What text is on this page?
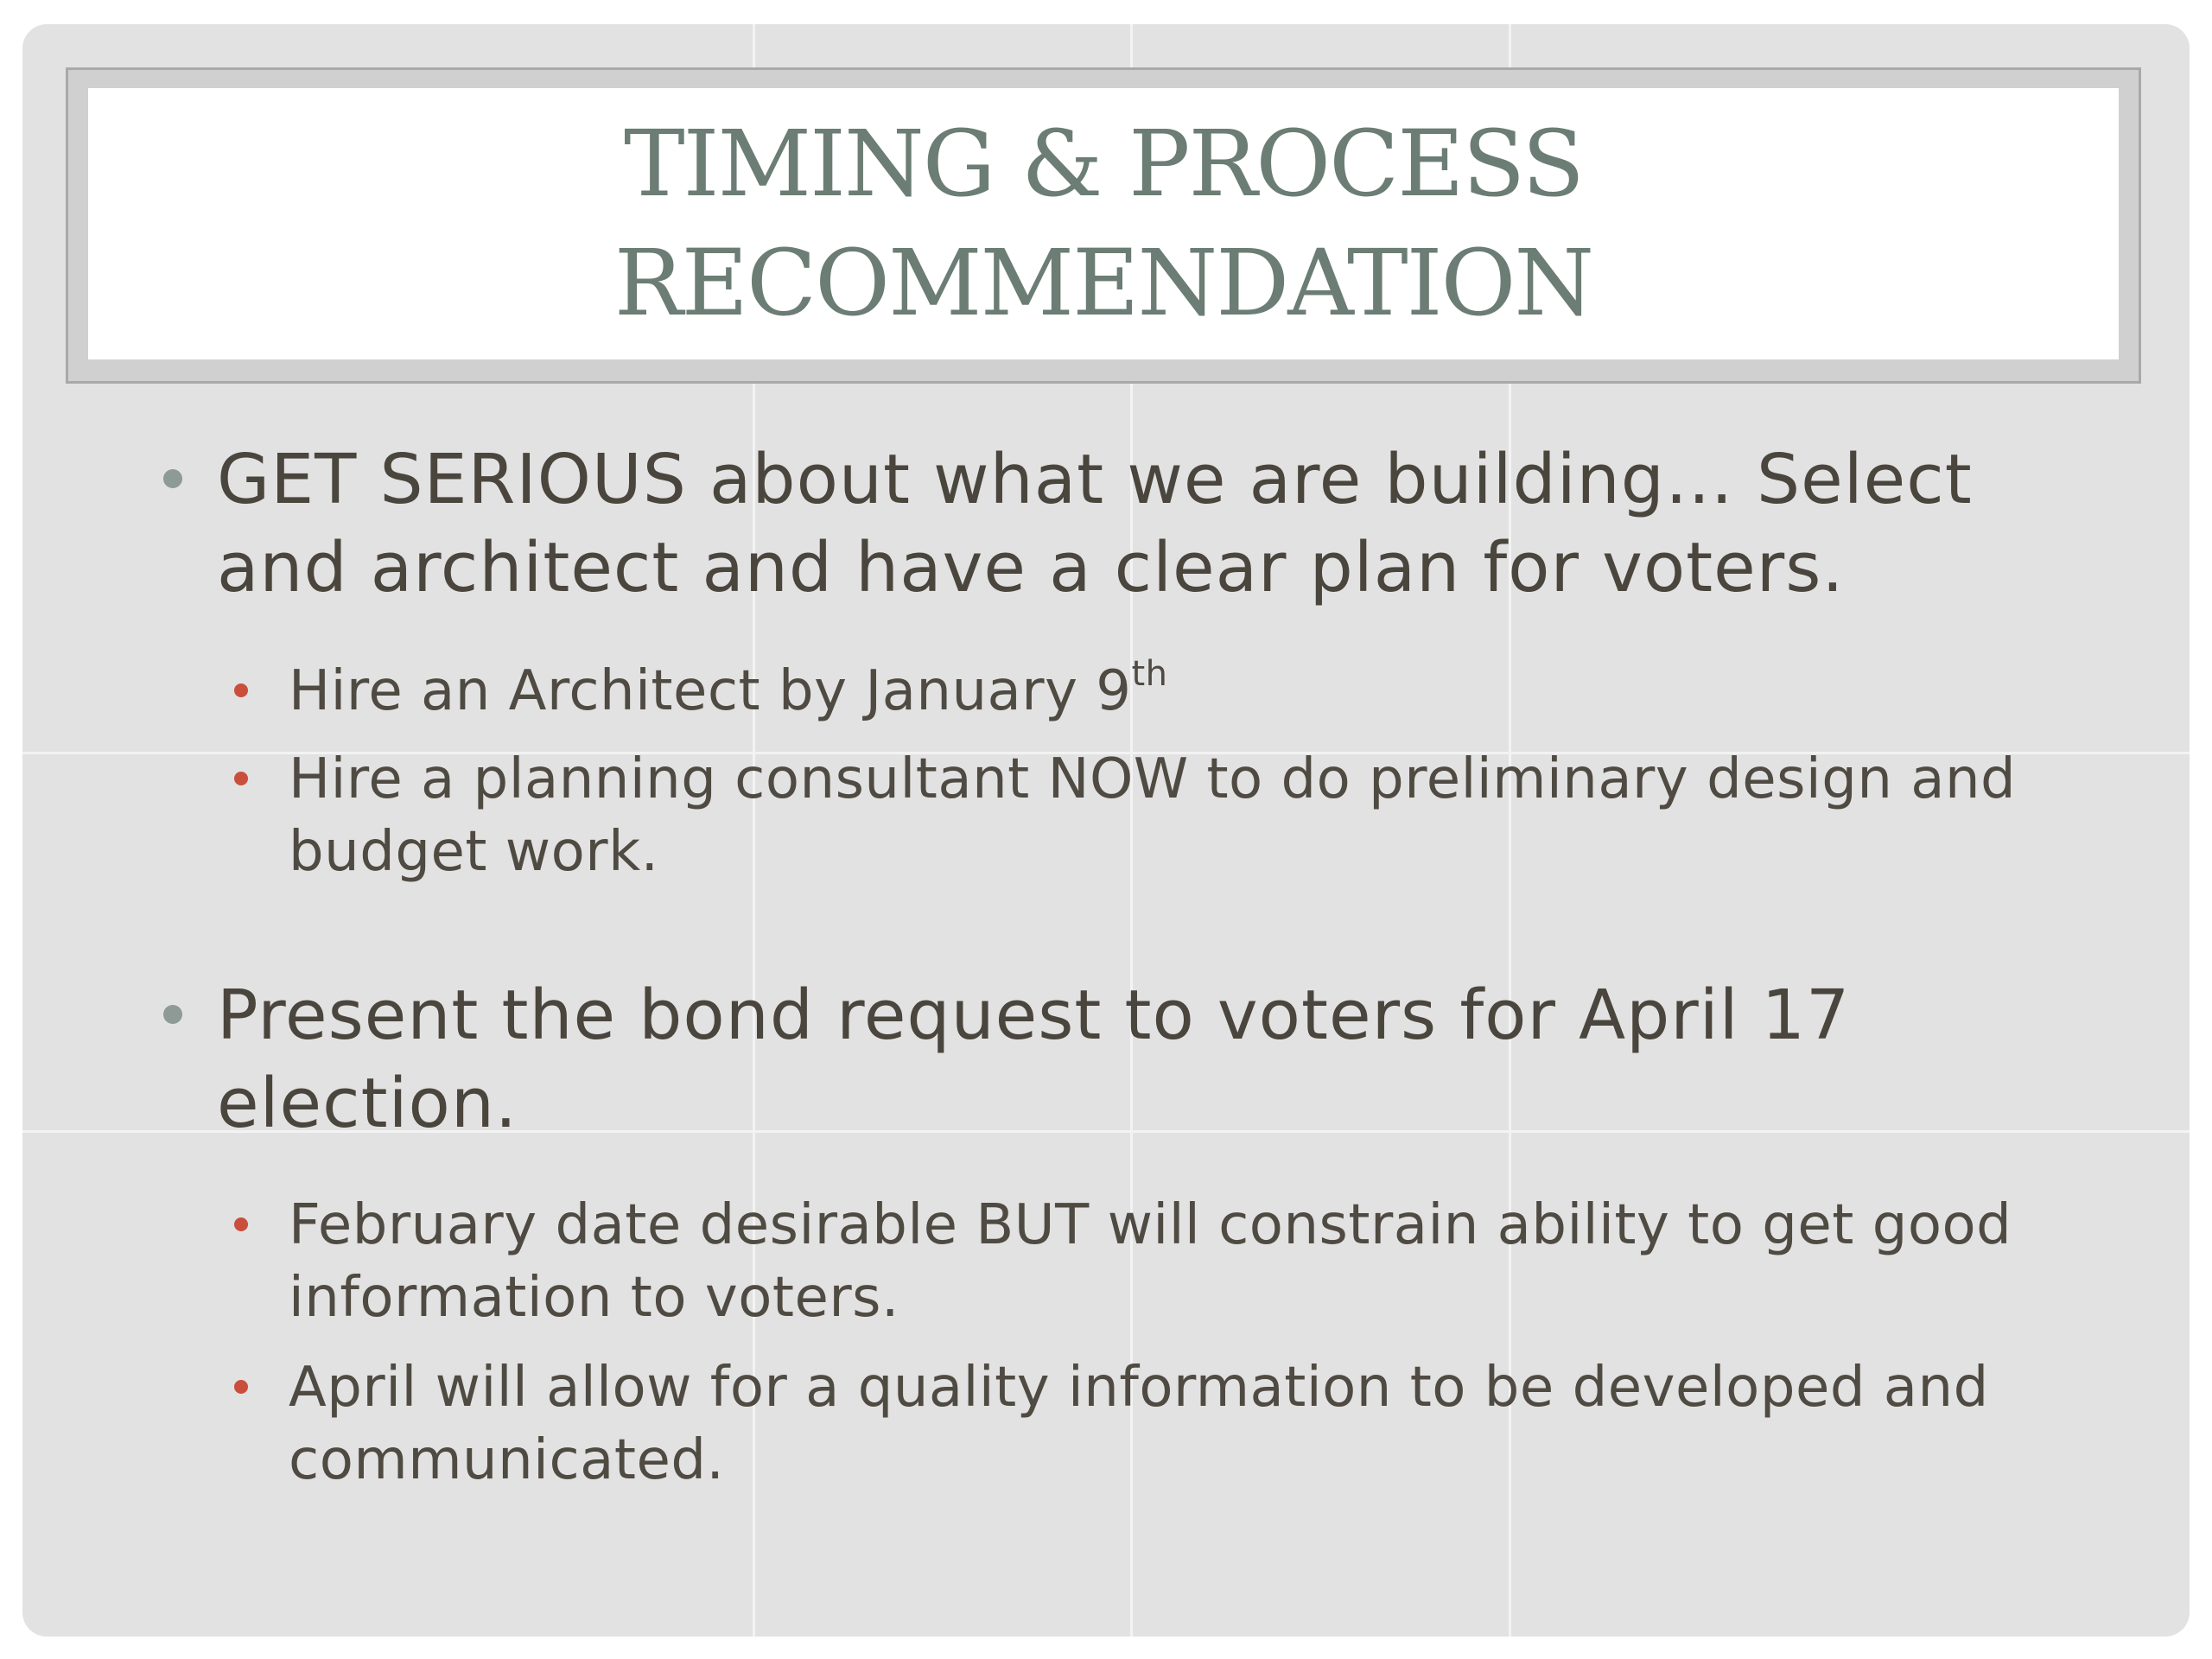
TIMING & PROCESS
RECOMMENDATION
GET SERIOUS about what we are building… Select and architect and have a clear plan for voters.
Hire an Architect by January 9th
Hire a planning consultant NOW to do preliminary design and budget work.
Present the bond request to voters for April 17 election.
February date desirable BUT will constrain ability to get good information to voters.
April will allow for a quality information to be developed and communicated.
